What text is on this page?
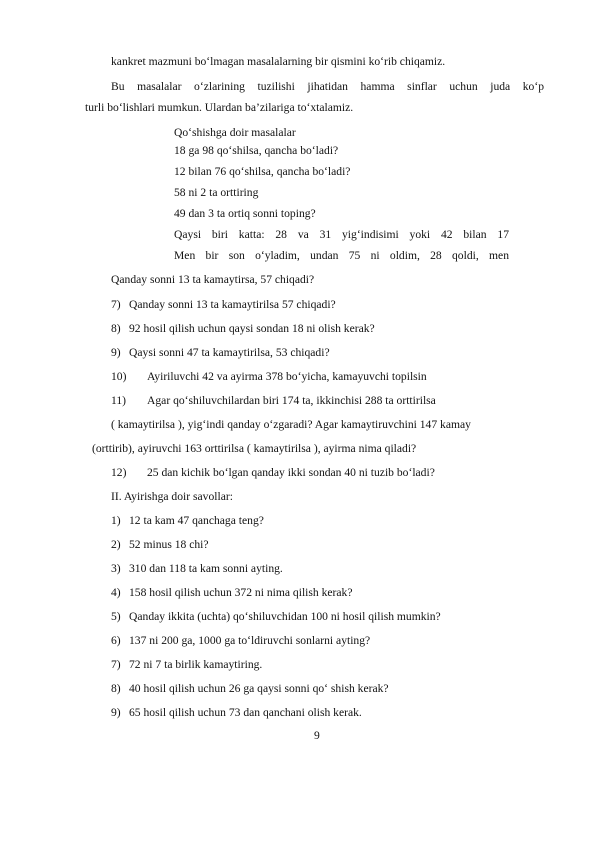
kankret mazmuni bo‘lmagan masalalarning bir qismini ko‘rib chiqamiz.
Bu masalalar o‘zlarining tuzilishi jihatidan hamma sinflar uchun juda ko‘p
turli bo‘lishlari mumkun. Ulardan ba’zilariga to‘xtalamiz.
Qo‘shishga doir masalalar
18 ga 98 qo‘shilsa, qancha bo‘ladi?
12 bilan 76 qo‘shilsa, qancha bo‘ladi?
58 ni 2 ta orttiring
49 dan 3 ta ortiq sonni toping?
Qaysi biri katta: 28 va 31 yig‘indisimi yoki 42 bilan 17
Men bir son o‘yladim, undan 75 ni oldim, 28 qoldi, men
Qanday sonni 13 ta kamaytirsa, 57 chiqadi?
7) Qanday sonni 13 ta kamaytirilsa 57 chiqadi?
8) 92 hosil qilish uchun qaysi sondan 18 ni olish kerak?
9) Qaysi sonni 47 ta kamaytirilsa, 53 chiqadi?
10) Ayiriluvchi 42 va ayirma 378 bo‘yicha, kamayuvchi topilsin
11) Agar qo‘shiluvchilardan biri 174 ta, ikkinchisi 288 ta orttirilsa
( kamaytirilsa ), yig‘indi qanday o‘zgaradi? Agar kamaytiruvchini 147 kamay
(orttirib), ayiruvchi 163 orttirilsa ( kamaytirilsa ), ayirma nima qiladi?
12) 25 dan kichik bo‘lgan qanday ikki sondan 40 ni tuzib bo‘ladi?
II. Ayirishga doir savollar:
1) 12 ta kam 47 qanchaga teng?
2) 52 minus 18 chi?
3) 310 dan 118 ta kam sonni ayting.
4) 158 hosil qilish uchun 372 ni nima qilish kerak?
5) Qanday ikkita (uchta) qo‘shiluvchidan 100 ni hosil qilish mumkin?
6) 137 ni 200 ga, 1000 ga to‘ldiruvchi sonlarni ayting?
7) 72 ni 7 ta birlik kamaytiring.
8) 40 hosil qilish uchun 26 ga qaysi sonni qo‘ shish kerak?
9) 65 hosil qilish uchun 73 dan qanchani olish kerak.
9
